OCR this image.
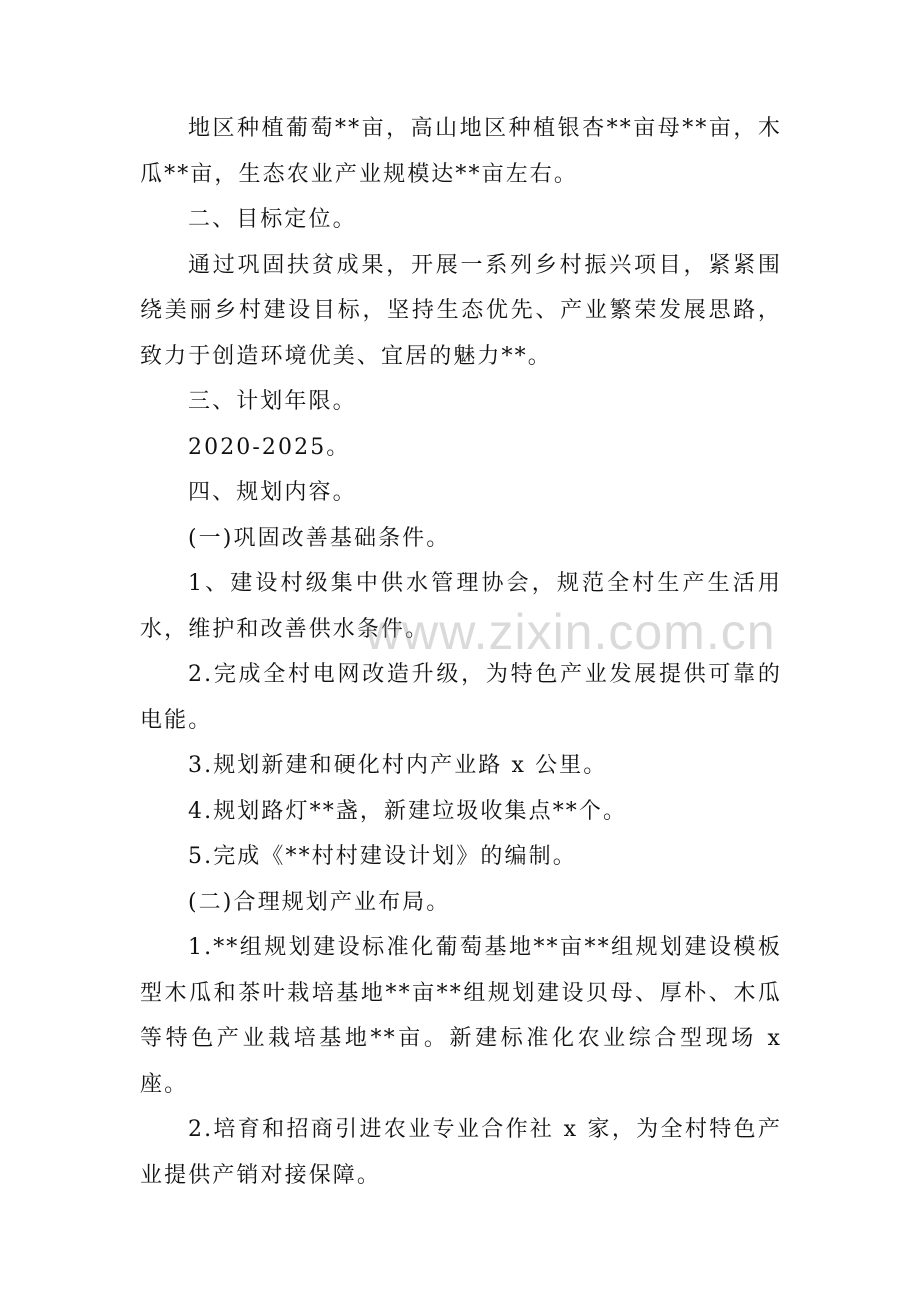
地区种植葡萄**亩，高山地区种植银杏**亩母**亩，木瓜**亩，生态农业产业规模达**亩左右。

二、目标定位。

通过巩固扶贫成果，开展一系列乡村振兴项目，紧紧围绕美丽乡村建设目标，坚持生态优先、产业繁荣发展思路，致力于创造环境优美、宜居的魅力**。

三、计划年限。

2020-2025。

四、规划内容。

(一)巩固改善基础条件。

1、建设村级集中供水管理协会，规范全村生产生活用水，维护和改善供水条件。

2.完成全村电网改造升级，为特色产业发展提供可靠的电能。

3.规划新建和硬化村内产业路 x 公里。

4.规划路灯**盏，新建垃圾收集点**个。

5.完成《**村村建设计划》的编制。

(二)合理规划产业布局。

1.**组规划建设标准化葡萄基地**亩**组规划建设模板型木瓜和茶叶栽培基地**亩**组规划建设贝母、厚朴、木瓜等特色产业栽培基地**亩。新建标准化农业综合型现场 x 座。

2.培育和招商引进农业专业合作社 x 家，为全村特色产业提供产销对接保障。

www.zixin.com.cn
